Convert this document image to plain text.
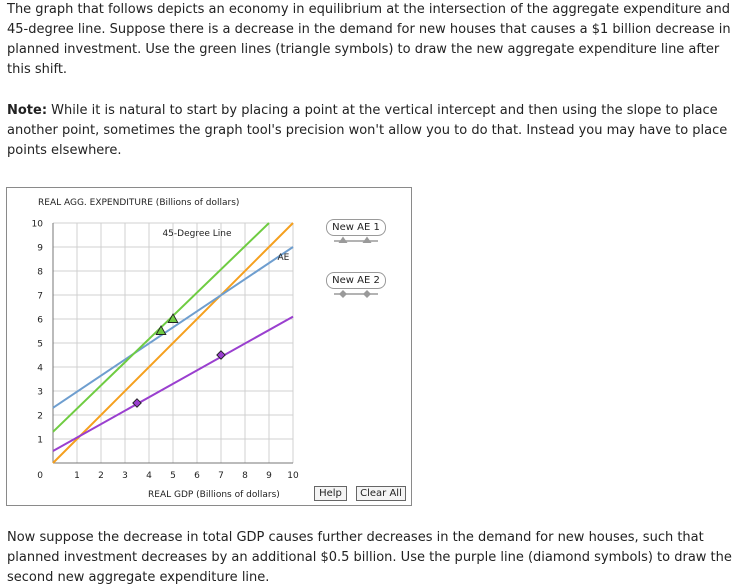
The graph that follows depicts an economy in equilibrium at the intersection of the aggregate expenditure and 45-degree line. Suppose there is a decrease in the demand for new houses that causes a $1 billion decrease in planned investment. Use the green lines (triangle symbols) to draw the new aggregate expenditure line after this shift.

Note: While it is natural to start by placing a point at the vertical intercept and then using the slope to place another point, sometimes the graph tool's precision won't allow you to do that. Instead you may have to place points elsewhere.

0
1
2
3
4
5
6
7
8
9
10
1 2 3 4 5 6 7 8 9 10
REAL AGG. EXPENDITURE (Billions of dollars)
REAL GDP (Billions of dollars)
45-Degree Line
AE
New AE 1
New AE 2
Help	Clear All

Now suppose the decrease in total GDP causes further decreases in the demand for new houses, such that planned investment decreases by an additional $0.5 billion. Use the purple line (diamond symbols) to draw the second new aggregate expenditure line.
